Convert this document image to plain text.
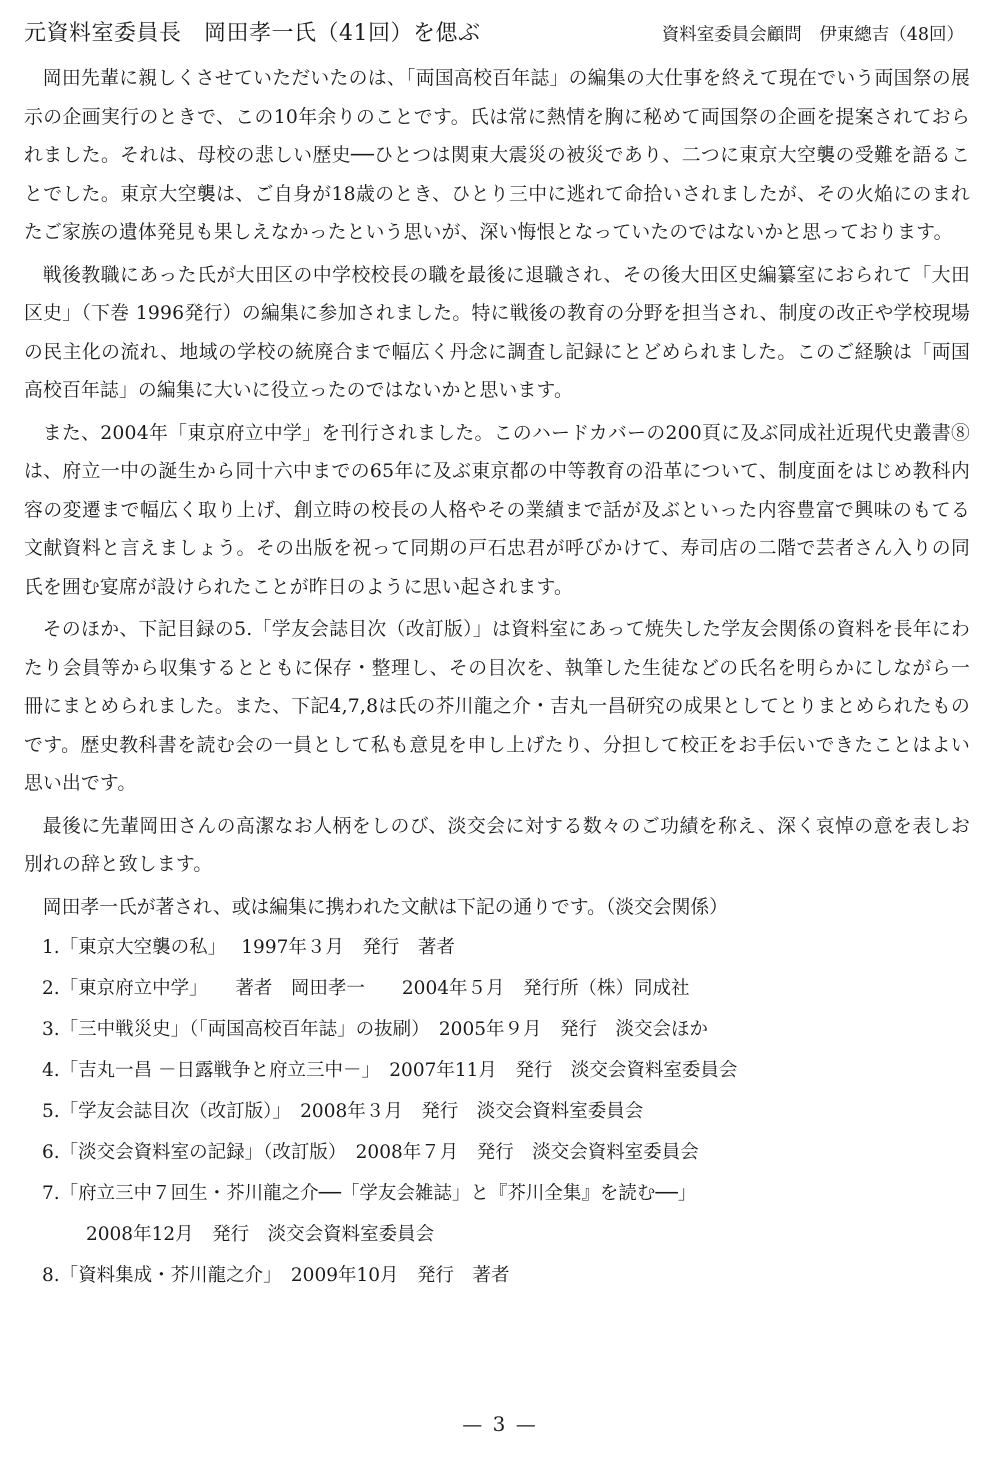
元資料室委員長　岡田孝一氏（41回）を偲ぶ	資料室委員会顧問　伊東總吉（48回）

岡田先輩に親しくさせていただいたのは、「両国高校百年誌」の編集の大仕事を終えて現在でいう両国祭の展示の企画実行のときで、この10年余りのことです。氏は常に熱情を胸に秘めて両国祭の企画を提案されておられました。それは、母校の悲しい歴史──ひとつは関東大震災の被災であり、二つに東京大空襲の受難を語ることでした。東京大空襲は、ご自身が18歳のとき、ひとり三中に逃れて命拾いされましたが、その火焔にのまれたご家族の遺体発見も果しえなかったという思いが、深い悔恨となっていたのではないかと思っております。

戦後教職にあった氏が大田区の中学校校長の職を最後に退職され、その後大田区史編纂室におられて「大田区史」（下巻 1996発行）の編集に参加されました。特に戦後の教育の分野を担当され、制度の改正や学校現場の民主化の流れ、地域の学校の統廃合まで幅広く丹念に調査し記録にとどめられました。このご経験は「両国高校百年誌」の編集に大いに役立ったのではないかと思います。

また、2004年「東京府立中学」を刊行されました。このハードカバーの200頁に及ぶ同成社近現代史叢書⑧は、府立一中の誕生から同十六中までの65年に及ぶ東京都の中等教育の沿革について、制度面をはじめ教科内容の変遷まで幅広く取り上げ、創立時の校長の人格やその業績まで話が及ぶといった内容豊富で興味のもてる文献資料と言えましょう。その出版を祝って同期の戸石忠君が呼びかけて、寿司店の二階で芸者さん入りの同氏を囲む宴席が設けられたことが昨日のように思い起されます。

そのほか、下記目録の5.「学友会誌目次（改訂版）」は資料室にあって焼失した学友会関係の資料を長年にわたり会員等から収集するとともに保存・整理し、その目次を、執筆した生徒などの氏名を明らかにしながら一冊にまとめられました。また、下記4,7,8は氏の芥川龍之介・吉丸一昌研究の成果としてとりまとめられたものです。歴史教科書を読む会の一員として私も意見を申し上げたり、分担して校正をお手伝いできたことはよい思い出です。

最後に先輩岡田さんの高潔なお人柄をしのび、淡交会に対する数々のご功績を称え、深く哀悼の意を表しお別れの辞と致します。

岡田孝一氏が著され、或は編集に携われた文献は下記の通りです。（淡交会関係）

1.「東京大空襲の私」　 1997年３月　発行　著者
2.「東京府立中学」　　著者　岡田孝一　　2004年５月　発行所（株）同成社
3.「三中戦災史」（「両国高校百年誌」の抜刷）　2005年９月　発行　淡交会ほか
4.「吉丸一昌 －日露戦争と府立三中－」　2007年11月　発行　淡交会資料室委員会
5.「学友会誌目次（改訂版）」　2008年３月　発行　淡交会資料室委員会
6.「淡交会資料室の記録」（改訂版）　2008年７月　発行　淡交会資料室委員会
7.「府立三中７回生・芥川龍之介──「学友会雑誌」と『芥川全集』を読む──」
2008年12月　発行　淡交会資料室委員会
8.「資料集成・芥川龍之介」　2009年10月　発行　著者
— 3 —
